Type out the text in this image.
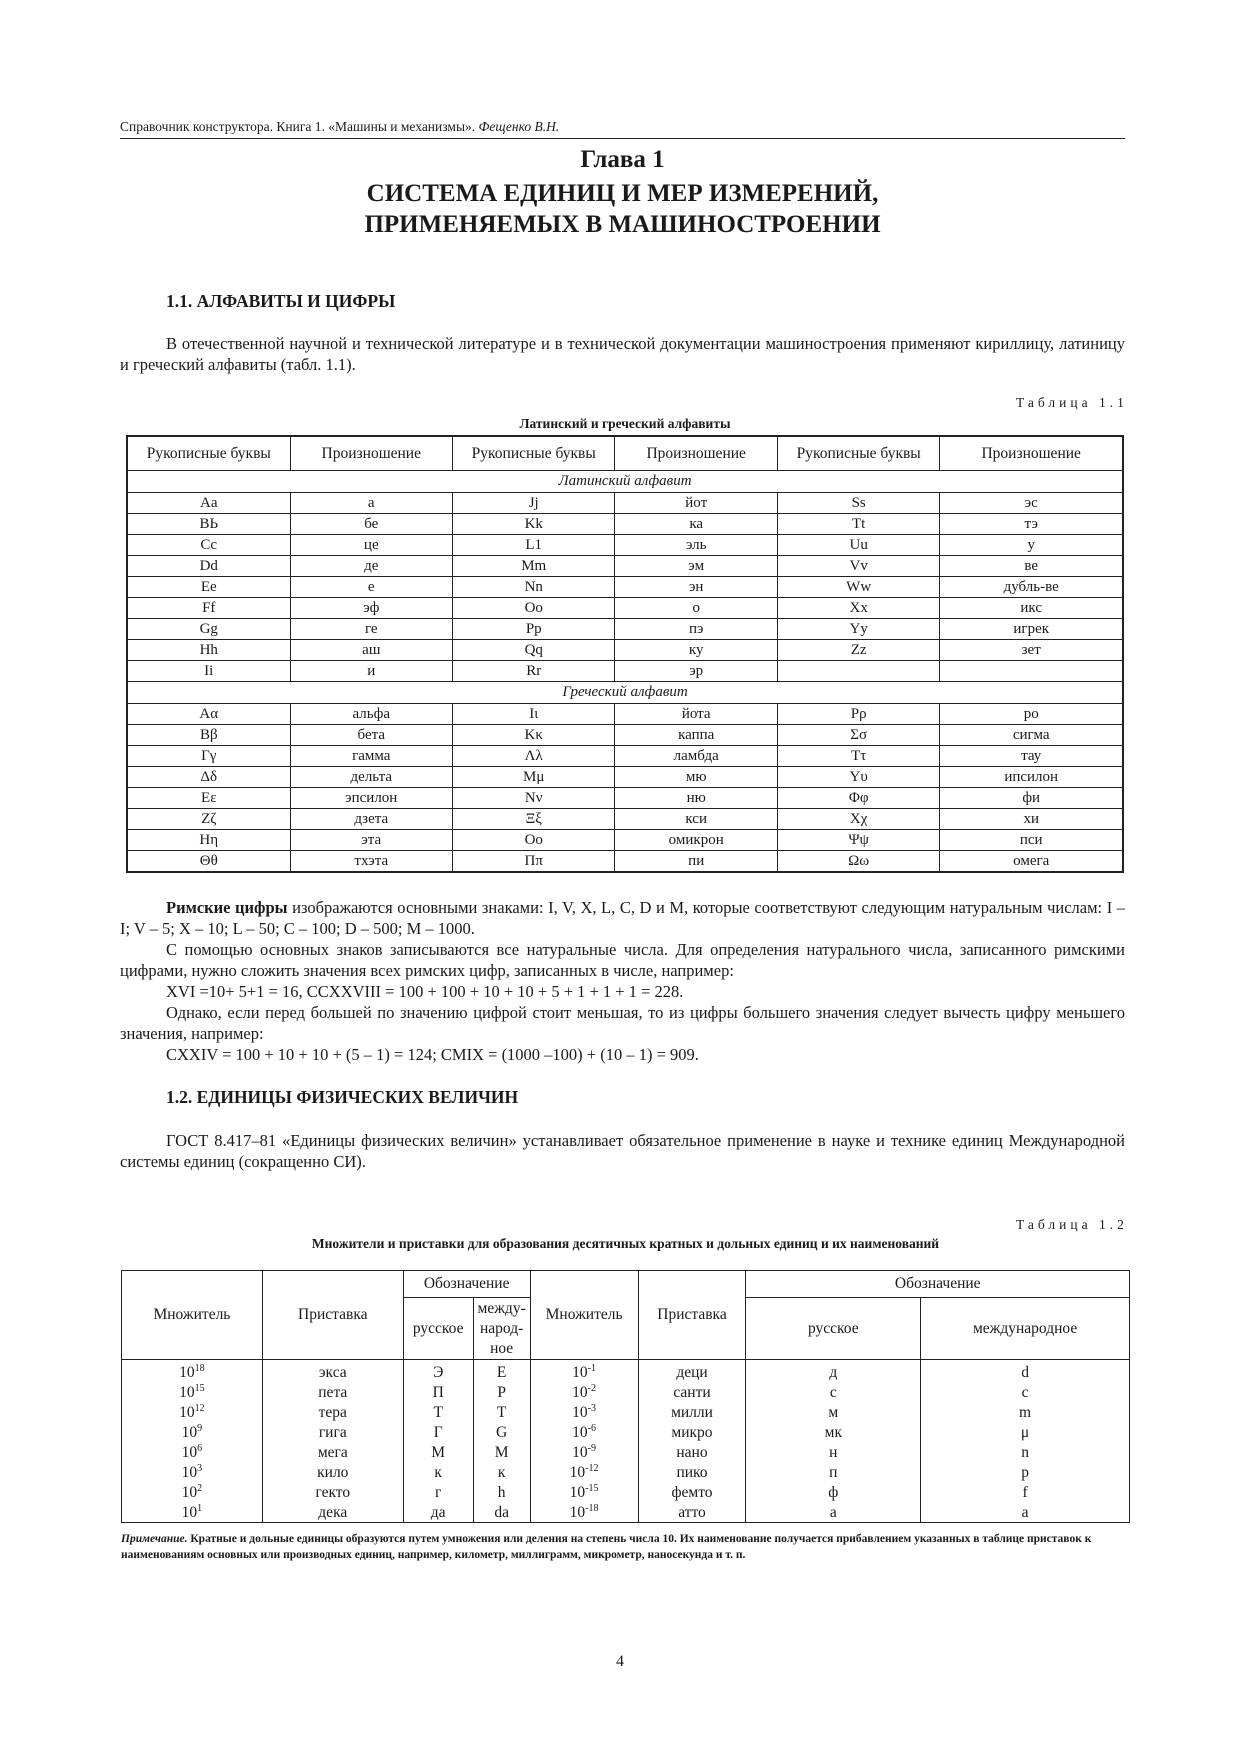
Справочник конструктора. Книга 1. «Машины и механизмы». Фещенко В.Н.
Глава 1
СИСТЕМА ЕДИНИЦ И МЕР ИЗМЕРЕНИЙ,
ПРИМЕНЯЕМЫХ В МАШИНОСТРОЕНИИ
1.1. АЛФАВИТЫ И ЦИФРЫ
В отечественной научной и технической литературе и в технической документации машиностроения применяют кириллицу, латиницу и греческий алфавиты (табл. 1.1).
Таблица 1.1
Латинский и греческий алфавиты
Рукописные буквы	Произношение	Рукописные буквы	Произношение	Рукописные буквы	Произношение
Латинский алфавит					
Aa	а	Jj	йот	Ss	эс
BЬ	бе	Kk	ка	Tt	тэ
Cc	це	L1	эль	Uu	у
Dd	де	Mm	эм	Vv	ве
Ee	е	Nn	эн	Ww	дубль-ве
Ff	эф	Oo	о	Xx	икс
Gg	ге	Pp	пэ	Yy	игрек
Hh	аш	Qq	ку	Zz	зет
Ii	и	Rr	эр		
Греческий алфавит					
Aα	альфа	Iι	йота	Pρ	ро
Bβ	бета	Kκ	каппа	Σσ	сигма
Γγ	гамма	Λλ	ламбда	Tτ	тау
Δδ	дельта	Mμ	мю	Yυ	ипсилон
Eε	эпсилон	Nν	ню	Φφ	фи
Zζ	дзета	Ξξ	кси	Xχ	хи
Hη	эта	Oo	омикрон	Ψψ	пси
Θθ	тхэта	Ππ	пи	Ωω	омега
Римские цифры изображаются основными знаками: I, V, X, L, C, D и M, которые соответствуют следующим натуральным числам: I – I; V – 5; X – 10; L – 50; C – 100; D – 500; M – 1000.
С помощью основных знаков записываются все натуральные числа. Для определения натурального числа, записанного римскими цифрами, нужно сложить значения всех римских цифр, записанных в числе, например:
XVI =10+ 5+1 = 16, CCXXVIII = 100 + 100 + 10 + 10 + 5 + 1 + 1 + 1 = 228.
Однако, если перед большей по значению цифрой стоит меньшая, то из цифры большего значения следует вычесть цифру меньшего значения, например:
CXXIV = 100 + 10 + 10 + (5 – 1) = 124; CMIX = (1000 –100) + (10 – 1) = 909.
1.2. ЕДИНИЦЫ ФИЗИЧЕСКИХ ВЕЛИЧИН
ГОСТ 8.417–81 «Единицы физических величин» устанавливает обязательное применение в науке и технике единиц Международной системы единиц (сокращенно СИ).
Таблица 1.2
Множители и приставки для образования десятичных кратных и дольных единиц и их наименований
Множитель	Приставка	Обозначение		Множитель	Приставка	Обозначение	
		русское	между-народ-ное			русское	международное
$10^{18}$	экса	Э	E	$10^{-1}$	деци	д	d
$10^{15}$	пета	П	P	$10^{-2}$	санти	с	c
$10^{12}$	тера	Т	T	$10^{-3}$	милли	м	m
$10^9$	гига	Г	G	$10^{-6}$	микро	мк	μ
$10^6$	мега	М	M	$10^{-9}$	нано	н	n
$10^3$	кило	к	к	$10^{-12}$	пико	п	p
$10^2$	гекто	г	h	$10^{-15}$	фемто	ф	f
$10^1$	дека	да	da	$10^{-18}$	атто	а	a
Примечание. Кратные и дольные единицы образуются путем умножения или деления на степень числа 10. Их наименование получается прибавлением указанных в таблице приставок к наименованиям основных или производных единиц, например, километр, миллиграмм, микрометр, наносекунда и т. п.
4
